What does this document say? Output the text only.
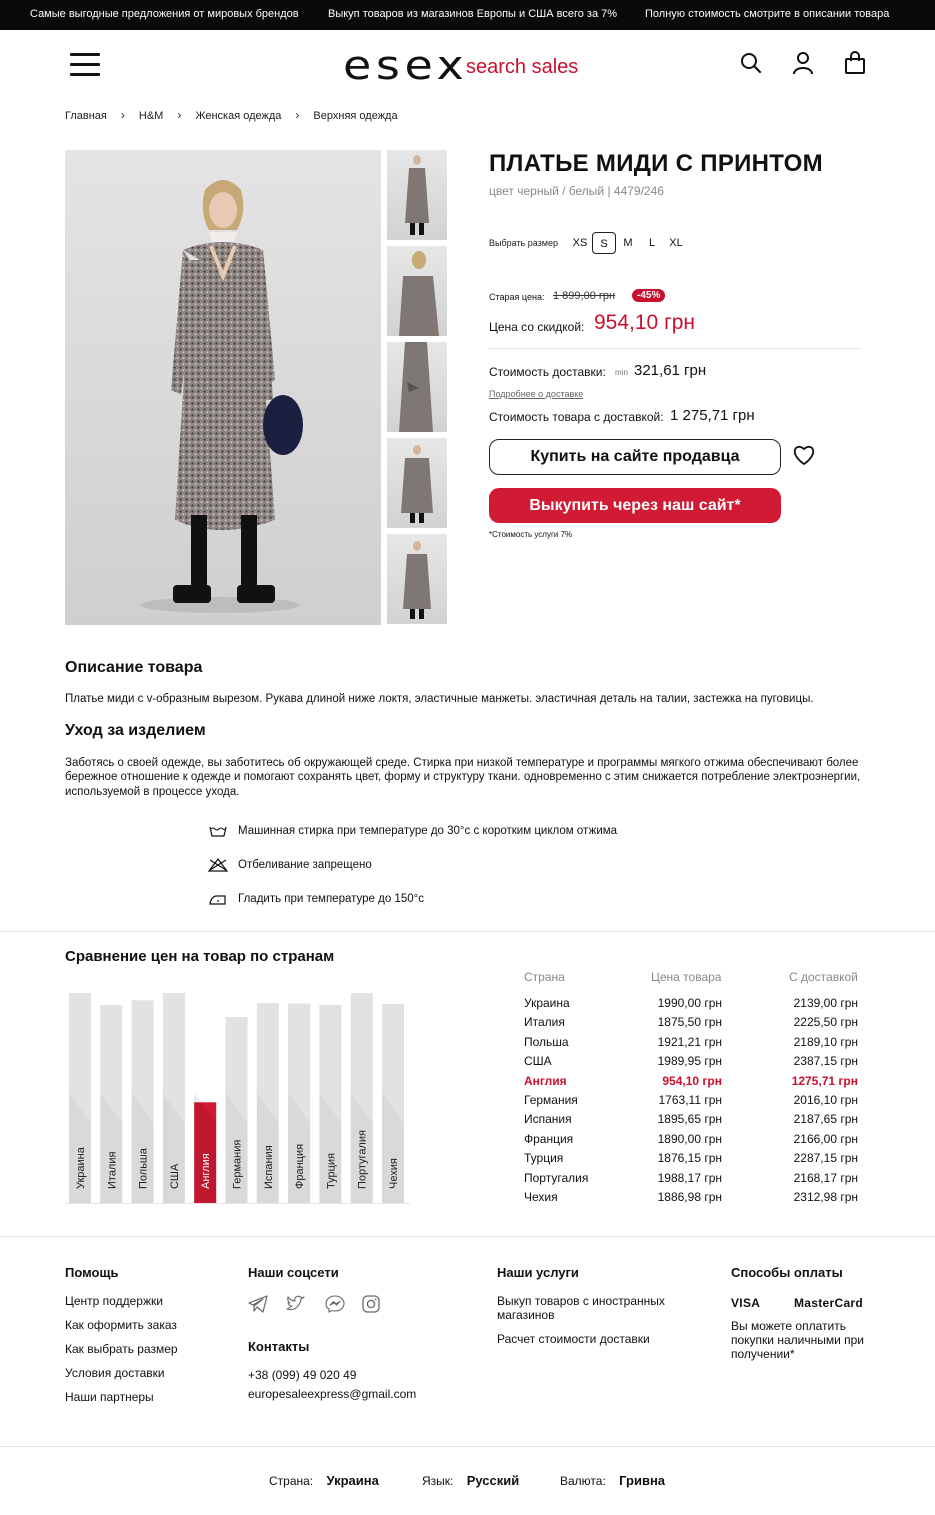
Самые выгодные предложения от мировых брендов	Выкуп товаров из магазинов Европы и США всего за 7%	Полную стоимость смотрите в описании товара
esex
search sales
Главная › H&M › Женская одежда › Верхняя одежда
ПЛАТЬЕ МИДИ С ПРИНТОМ
цвет черный / белый | 4479/246
Выбрать размер	XS	S	M	L	XL
Старая цена: 1 899,00 грн	-45%
Цена со скидкой: 954,10 грн
Стоимость доставки: min 321,61 грн
Подробнее о доставке
Стоимость товара с доставкой: 1 275,71 грн
Купить на сайте продавца
Выкупить через наш сайт*
*Стоимость услуги 7%
Описание товара
Платье миди с v-образным вырезом. Рукава длиной ниже локтя, эластичные манжеты. эластичная деталь на талии, застежка на пуговицы.
Уход за изделием
Заботясь о своей одежде, вы заботитесь об окружающей среде. Стирка при низкой температуре и программы мягкого отжима обеспечивают более бережное отношение к одежде и помогают сохранять цвет, форму и структуру ткани. одновременно с этим снижается потребление электроэнергии, используемой в процессе ухода.
Машинная стирка при температуре до 30°с с коротким циклом отжима
Отбеливание запрещено
Гладить при температуре до 150°с
Сравнение цен на товар по странам
Украина Италия Польша США Англия Германия Испания Франция Турция Португалия Чехия
Страна	Цена товара	С доставкой
Украина	1990,00 грн	2139,00 грн
Италия	1875,50 грн	2225,50 грн
Польша	1921,21 грн	2189,10 грн
США	1989,95 грн	2387,15 грн
Англия	954,10 грн	1275,71 грн
Германия	1763,11 грн	2016,10 грн
Испания	1895,65 грн	2187,65 грн
Франция	1890,00 грн	2166,00 грн
Турция	1876,15 грн	2287,15 грн
Португалия	1988,17 грн	2168,17 грн
Чехия	1886,98 грн	2312,98 грн
Помощь
Центр поддержки
Как оформить заказ
Как выбрать размер
Условия доставки
Наши партнеры
Наши соцсети
Контакты
+38 (099) 49 020 49
europesaleexpress@gmail.com
Наши услуги
Выкуп товаров с иностранных магазинов
Расчет стоимости доставки
Способы оплаты
VISA	MasterCard
Вы можете оплатить покупки наличными при получении*
Страна: Украина	Язык: Русский	Валюта: Гривна
